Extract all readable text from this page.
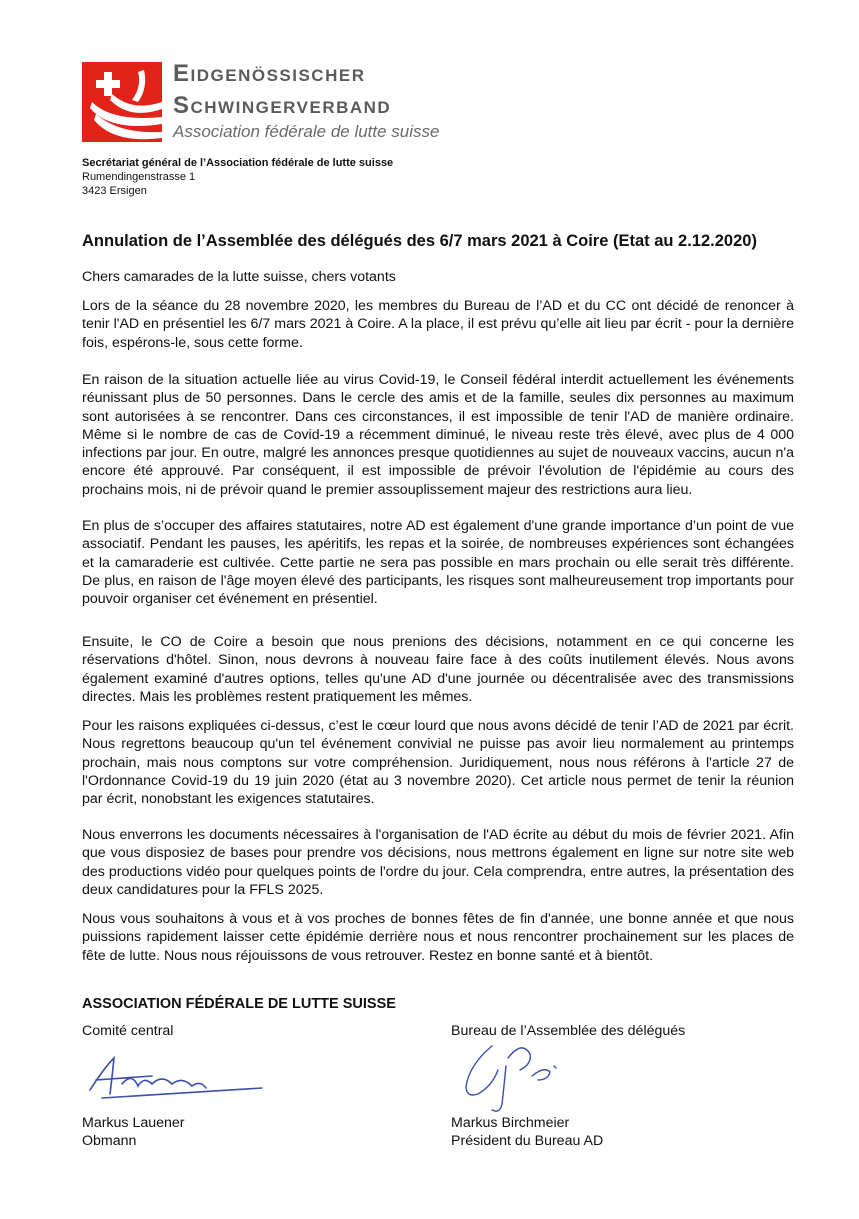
Eidgenössischer
Schwingerverband
Association fédérale de lutte suisse
Secrétariat général de l’Association fédérale de lutte suisse
Rumendingenstrasse 1
3423 Ersigen
Annulation de l’Assemblée des délégués des 6/7 mars 2021 à Coire (Etat au 2.12.2020)
Chers camarades de la lutte suisse, chers votants
Lors de la séance du 28 novembre 2020, les membres du Bureau de l’AD et du CC ont décidé de renoncer à tenir l'AD en présentiel les 6/7 mars 2021 à Coire. A la place, il est prévu qu’elle ait lieu par écrit - pour la dernière fois, espérons-le, sous cette forme.
En raison de la situation actuelle liée au virus Covid-19, le Conseil fédéral interdit actuellement les événements réunissant plus de 50 personnes. Dans le cercle des amis et de la famille, seules dix personnes au maximum sont autorisées à se rencontrer. Dans ces circonstances, il est impossible de tenir l'AD de manière ordinaire. Même si le nombre de cas de Covid-19 a récemment diminué, le niveau reste très élevé, avec plus de 4 000 infections par jour. En outre, malgré les annonces presque quotidiennes au sujet de nouveaux vaccins, aucun n'a encore été approuvé. Par conséquent, il est impossible de prévoir l'évolution de l'épidémie au cours des prochains mois, ni de prévoir quand le premier assouplissement majeur des restrictions aura lieu.
En plus de s’occuper des affaires statutaires, notre AD est également d'une grande importance d’un point de vue associatif. Pendant les pauses, les apéritifs, les repas et la soirée, de nombreuses expériences sont échangées et la camaraderie est cultivée. Cette partie ne sera pas possible en mars prochain ou elle serait très différente. De plus, en raison de l'âge moyen élevé des participants, les risques sont malheureusement trop importants pour pouvoir organiser cet événement en présentiel.
Ensuite, le CO de Coire a besoin que nous prenions des décisions, notamment en ce qui concerne les réservations d'hôtel. Sinon, nous devrons à nouveau faire face à des coûts inutilement élevés. Nous avons également examiné d'autres options, telles qu'une AD d'une journée ou décentralisée avec des transmissions directes. Mais les problèmes restent pratiquement les mêmes.
Pour les raisons expliquées ci-dessus, c’est le cœur lourd que nous avons décidé de tenir l’AD de 2021 par écrit. Nous regrettons beaucoup qu'un tel événement convivial ne puisse pas avoir lieu normalement au printemps prochain, mais nous comptons sur votre compréhension. Juridiquement, nous nous référons à l'article 27 de l'Ordonnance Covid-19 du 19 juin 2020 (état au 3 novembre 2020). Cet article nous permet de tenir la réunion par écrit, nonobstant les exigences statutaires.
Nous enverrons les documents nécessaires à l'organisation de l'AD écrite au début du mois de février 2021. Afin que vous disposiez de bases pour prendre vos décisions, nous mettrons également en ligne sur notre site web des productions vidéo pour quelques points de l'ordre du jour. Cela comprendra, entre autres, la présentation des deux candidatures pour la FFLS 2025.
Nous vous souhaitons à vous et à vos proches de bonnes fêtes de fin d'année, une bonne année et que nous puissions rapidement laisser cette épidémie derrière nous et nous rencontrer prochainement sur les places de fête de lutte. Nous nous réjouissons de vous retrouver. Restez en bonne santé et à bientôt.
ASSOCIATION FÉDÉRALE DE LUTTE SUISSE
Comité central	Bureau de l’Assemblée des délégués
Markus Lauener
Obmann
Markus Birchmeier
Président du Bureau AD
